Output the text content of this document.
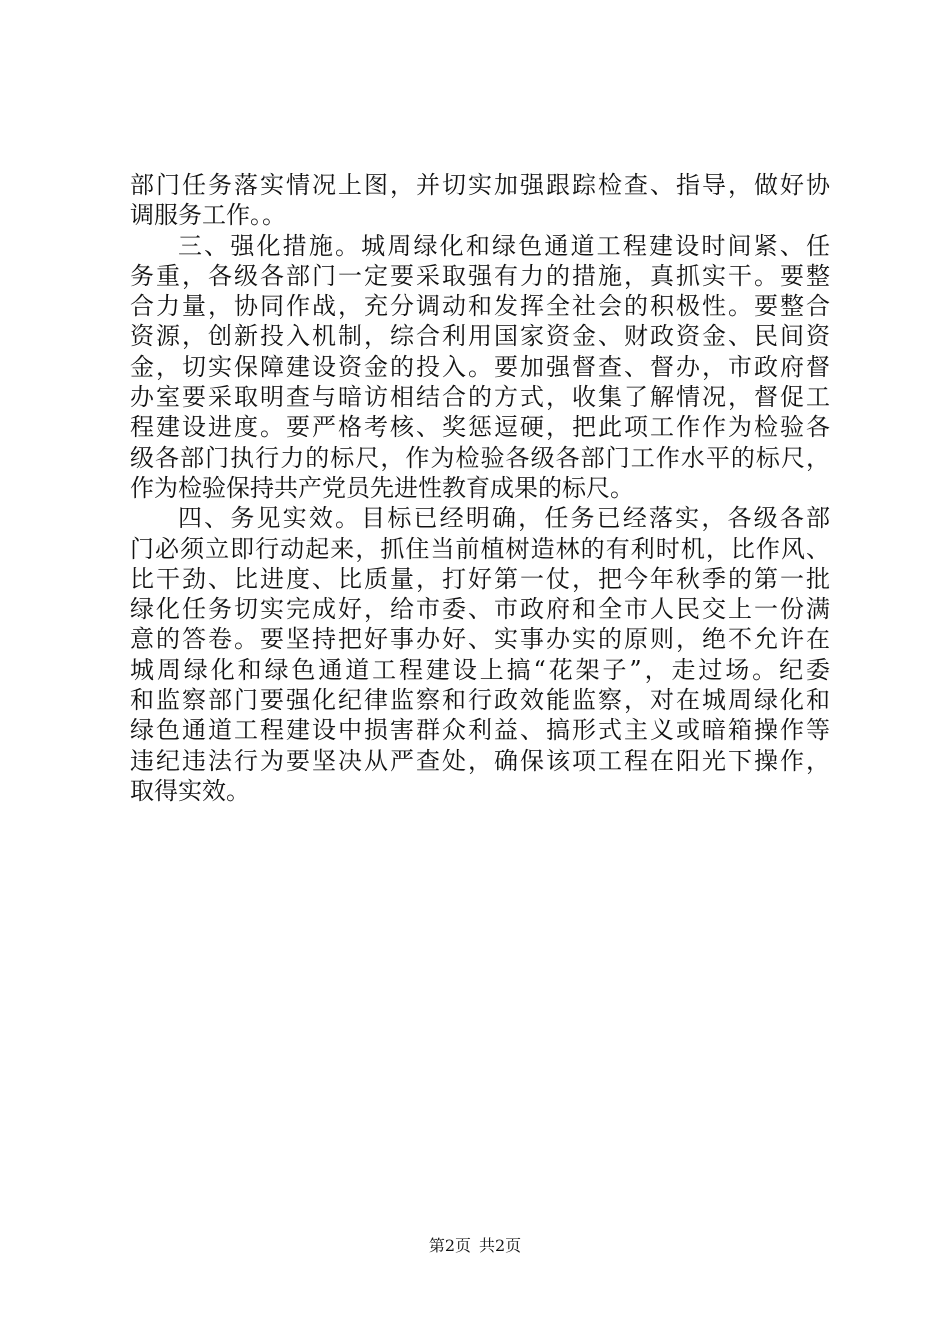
部门任务落实情况上图，并切实加强跟踪检查、指导，做好协
调服务工作。。
三、强化措施。城周绿化和绿色通道工程建设时间紧、任
务重，各级各部门一定要采取强有力的措施，真抓实干。要整
合力量，协同作战，充分调动和发挥全社会的积极性。要整合
资源，创新投入机制，综合利用国家资金、财政资金、民间资
金，切实保障建设资金的投入。要加强督查、督办，市政府督
办室要采取明查与暗访相结合的方式，收集了解情况，督促工
程建设进度。要严格考核、奖惩逗硬，把此项工作作为检验各
级各部门执行力的标尺，作为检验各级各部门工作水平的标尺，
作为检验保持共产党员先进性教育成果的标尺。
四、务见实效。目标已经明确，任务已经落实，各级各部
门必须立即行动起来，抓住当前植树造林的有利时机，比作风、
比干劲、比进度、比质量，打好第一仗，把今年秋季的第一批
绿化任务切实完成好，给市委、市政府和全市人民交上一份满
意的答卷。要坚持把好事办好、实事办实的原则，绝不允许在
城周绿化和绿色通道工程建设上搞“花架子”，走过场。纪委
和监察部门要强化纪律监察和行政效能监察，对在城周绿化和
绿色通道工程建设中损害群众利益、搞形式主义或暗箱操作等
违纪违法行为要坚决从严查处，确保该项工程在阳光下操作，
取得实效。
第2页 共2页
